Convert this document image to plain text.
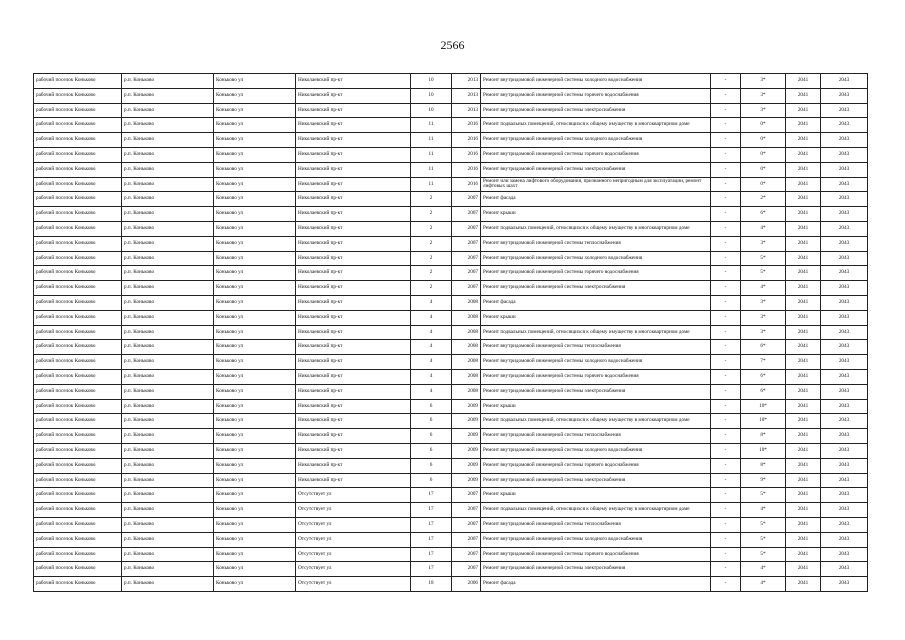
2566
рабочий поселок Коньково	р.п. Коньково	Коньково ул	Николаевский пр-кт	10	2013	Ремонт внутридомовой инженерной системы холодного водоснабжения	-	3*	2041	2043
рабочий поселок Коньково	р.п. Коньково	Коньково ул	Николаевский пр-кт	10	2013	Ремонт внутридомовой инженерной системы горячего водоснабжения	-	3*	2041	2043
рабочий поселок Коньково	р.п. Коньково	Коньково ул	Николаевский пр-кт	10	2013	Ремонт внутридомовой инженерной системы электроснабжения	-	3*	2041	2043
рабочий поселок Коньково	р.п. Коньково	Коньково ул	Николаевский пр-кт	11	2016	Ремонт подвальных помещений, относящихся к общему имуществу в многоквартирном доме	-	0*	2041	2043
рабочий поселок Коньково	р.п. Коньково	Коньково ул	Николаевский пр-кт	11	2016	Ремонт внутридомовой инженерной системы холодного водоснабжения	-	0*	2041	2043
рабочий поселок Коньково	р.п. Коньково	Коньково ул	Николаевский пр-кт	11	2016	Ремонт внутридомовой инженерной системы горячего водоснабжения	-	0*	2041	2043
рабочий поселок Коньково	р.п. Коньково	Коньково ул	Николаевский пр-кт	11	2016	Ремонт внутридомовой инженерной системы электроснабжения	-	0*	2041	2043
рабочий поселок Коньково	р.п. Коньково	Коньково ул	Николаевский пр-кт	11	2016	Ремонт или замена лифтового оборудования, признанного непригодным для эксплуатации, ремонт лифтовых шахт	-	0*	2041	2043
рабочий поселок Коньково	р.п. Коньково	Коньково ул	Николаевский пр-кт	2	2007	Ремонт фасада	-	2*	2041	2043
рабочий поселок Коньково	р.п. Коньково	Коньково ул	Николаевский пр-кт	2	2007	Ремонт крыши	-	6*	2041	2043
рабочий поселок Коньково	р.п. Коньково	Коньково ул	Николаевский пр-кт	2	2007	Ремонт подвальных помещений, относящихся к общему имуществу в многоквартирном доме	-	4*	2041	2043
рабочий поселок Коньково	р.п. Коньково	Коньково ул	Николаевский пр-кт	2	2007	Ремонт внутридомовой инженерной системы теплоснабжения	-	3*	2041	2043
рабочий поселок Коньково	р.п. Коньково	Коньково ул	Николаевский пр-кт	2	2007	Ремонт внутридомовой инженерной системы холодного водоснабжения	-	5*	2041	2043
рабочий поселок Коньково	р.п. Коньково	Коньково ул	Николаевский пр-кт	2	2007	Ремонт внутридомовой инженерной системы горячего водоснабжения	-	5*	2041	2043
рабочий поселок Коньково	р.п. Коньково	Коньково ул	Николаевский пр-кт	2	2007	Ремонт внутридомовой инженерной системы электроснабжения	-	4*	2041	2043
рабочий поселок Коньково	р.п. Коньково	Коньково ул	Николаевский пр-кт	4	2008	Ремонт фасада	-	3*	2041	2043
рабочий поселок Коньково	р.п. Коньково	Коньково ул	Николаевский пр-кт	4	2008	Ремонт крыши	-	3*	2041	2043
рабочий поселок Коньково	р.п. Коньково	Коньково ул	Николаевский пр-кт	4	2008	Ремонт подвальных помещений, относящихся к общему имуществу в многоквартирном доме	-	3*	2041	2043
рабочий поселок Коньково	р.п. Коньково	Коньково ул	Николаевский пр-кт	4	2008	Ремонт внутридомовой инженерной системы теплоснабжения	-	6*	2041	2043
рабочий поселок Коньково	р.п. Коньково	Коньково ул	Николаевский пр-кт	4	2008	Ремонт внутридомовой инженерной системы холодного водоснабжения	-	7*	2041	2043
рабочий поселок Коньково	р.п. Коньково	Коньково ул	Николаевский пр-кт	4	2008	Ремонт внутридомовой инженерной системы горячего водоснабжения	-	6*	2041	2043
рабочий поселок Коньково	р.п. Коньково	Коньково ул	Николаевский пр-кт	4	2008	Ремонт внутридомовой инженерной системы электроснабжения	-	6*	2041	2043
рабочий поселок Коньково	р.п. Коньково	Коньково ул	Николаевский пр-кт	6	2009	Ремонт крыши	-	10*	2041	2043
рабочий поселок Коньково	р.п. Коньково	Коньково ул	Николаевский пр-кт	6	2009	Ремонт подвальных помещений, относящихся к общему имуществу в многоквартирном доме	-	10*	2041	2043
рабочий поселок Коньково	р.п. Коньково	Коньково ул	Николаевский пр-кт	6	2009	Ремонт внутридомовой инженерной системы теплоснабжения	-	8*	2041	2043
рабочий поселок Коньково	р.п. Коньково	Коньково ул	Николаевский пр-кт	6	2009	Ремонт внутридомовой инженерной системы холодного водоснабжения	-	10*	2041	2043
рабочий поселок Коньково	р.п. Коньково	Коньково ул	Николаевский пр-кт	6	2009	Ремонт внутридомовой инженерной системы горячего водоснабжения	-	8*	2041	2043
рабочий поселок Коньково	р.п. Коньково	Коньково ул	Николаевский пр-кт	6	2009	Ремонт внутридомовой инженерной системы электроснабжения	-	9*	2041	2043
рабочий поселок Коньково	р.п. Коньково	Коньково ул	Отсутствует ул	17	2007	Ремонт крыши	-	5*	2041	2043
рабочий поселок Коньково	р.п. Коньково	Коньково ул	Отсутствует ул	17	2007	Ремонт подвальных помещений, относящихся к общему имуществу в многоквартирном доме	-	4*	2041	2043
рабочий поселок Коньково	р.п. Коньково	Коньково ул	Отсутствует ул	17	2007	Ремонт внутридомовой инженерной системы теплоснабжения	-	5*	2041	2043
рабочий поселок Коньково	р.п. Коньково	Коньково ул	Отсутствует ул	17	2007	Ремонт внутридомовой инженерной системы холодного водоснабжения	-	5*	2041	2043
рабочий поселок Коньково	р.п. Коньково	Коньково ул	Отсутствует ул	17	2007	Ремонт внутридомовой инженерной системы горячего водоснабжения	-	5*	2041	2043
рабочий поселок Коньково	р.п. Коньково	Коньково ул	Отсутствует ул	17	2007	Ремонт внутридомовой инженерной системы электроснабжения	-	4*	2041	2043
рабочий поселок Коньково	р.п. Коньково	Коньково ул	Отсутствует ул	18	2006	Ремонт фасада	-	4*	2041	2043
